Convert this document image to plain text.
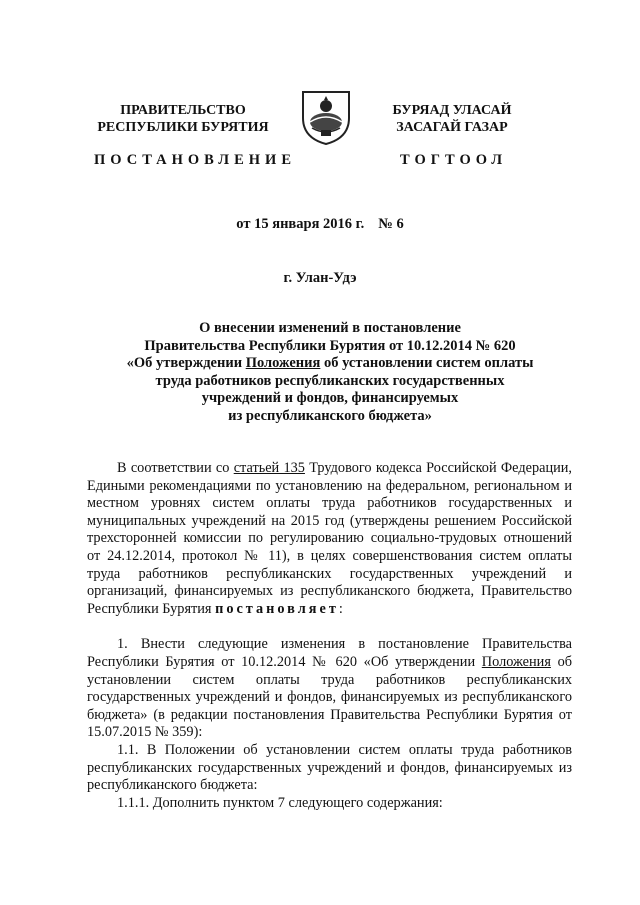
ПРАВИТЕЛЬСТВО
РЕСПУБЛИКИ БУРЯТИЯ
БУРЯАД УЛАСАЙ
ЗАСАГАЙ ГАЗАР
ПОСТАНОВЛЕНИЕ	ТОГТООЛ
от 15 января 2016 г. № 6
г. Улан-Удэ
О внесении изменений в постановление
Правительства Республики Бурятия от 10.12.2014 № 620
«Об утверждении Положения об установлении систем оплаты
труда работников республиканских государственных
учреждений и фондов, финансируемых
из республиканского бюджета»

В соответствии со статьей 135 Трудового кодекса Российской Федерации, Едиными рекомендациями по установлению на федеральном, региональном и местном уровнях систем оплаты труда работников государственных и муниципальных учреждений на 2015 год (утверждены решением Российской трехсторонней комиссии по регулированию социально-трудовых отношений от 24.12.2014, протокол № 11), в целях совершенствования систем оплаты труда работников республиканских государственных учреждений и организаций, финансируемых из республиканского бюджета, Правительство Республики Бурятия постановляет:

1. Внести следующие изменения в постановление Правительства Республики Бурятия от 10.12.2014 № 620 «Об утверждении Положения об установлении систем оплаты труда работников республиканских государственных учреждений и фондов, финансируемых из республиканского бюджета» (в редакции постановления Правительства Республики Бурятия от 15.07.2015 № 359):

1.1. В Положении об установлении систем оплаты труда работников республиканских государственных учреждений и фондов, финансируемых из республиканского бюджета:

1.1.1. Дополнить пунктом 7 следующего содержания:
